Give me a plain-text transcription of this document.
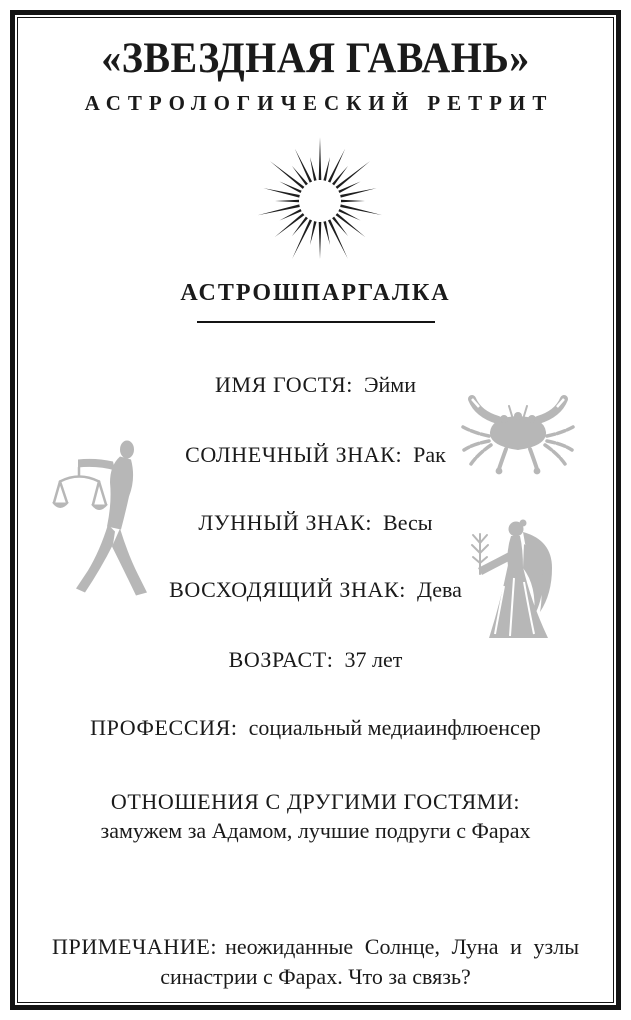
«ЗВЕЗДНАЯ ГАВАНЬ»
АСТРОЛОГИЧЕСКИЙ РЕТРИТ
АСТРОШПАРГАЛКА
ИМЯ ГОСТЯ: Эйми
СОЛНЕЧНЫЙ ЗНАК: Рак
ЛУННЫЙ ЗНАК: Весы
ВОСХОДЯЩИЙ ЗНАК: Дева
ВОЗРАСТ: 37 лет
ПРОФЕССИЯ: социальный медиаинфлюенсер
ОТНОШЕНИЯ С ДРУГИМИ ГОСТЯМИ:
замужем за Адамом, лучшие подруги с Фарах

ПРИМЕЧАНИЕ: неожиданные Солнце, Луна и узлы синастрии с Фарах. Что за связь?
